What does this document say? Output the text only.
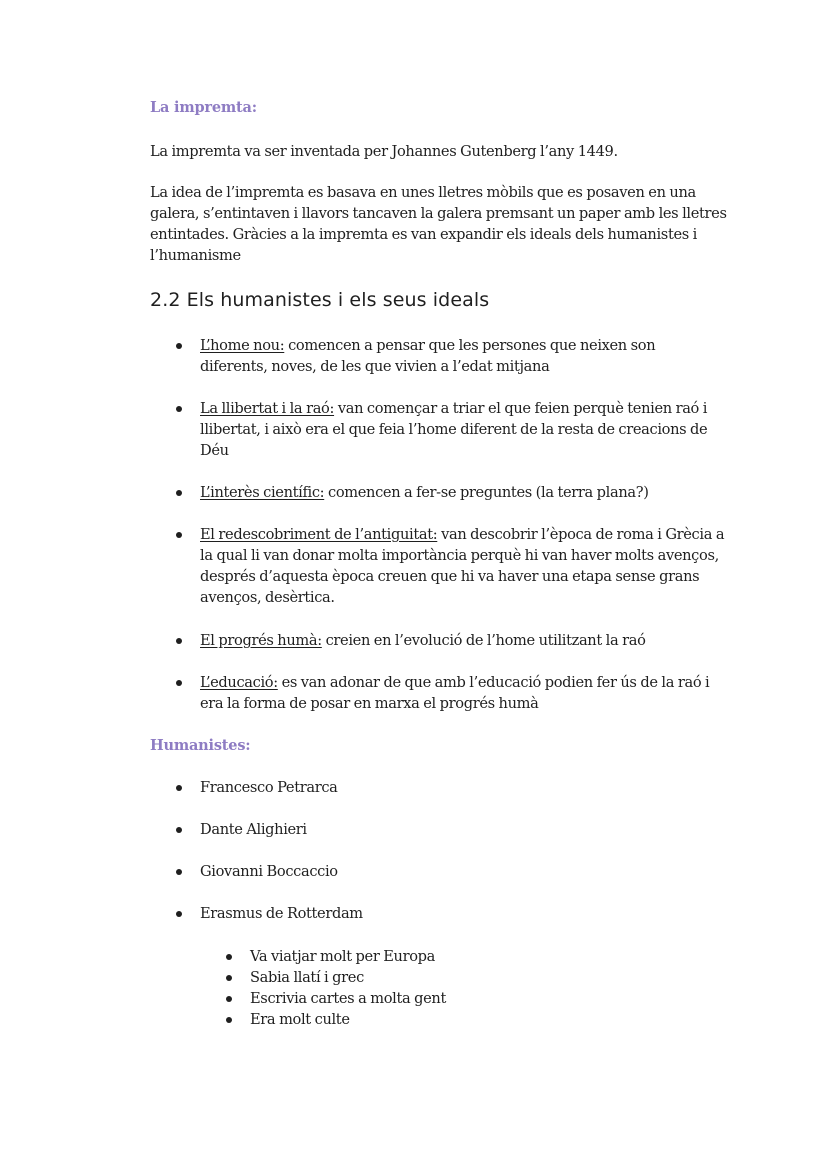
La impremta:
La impremta va ser inventada per Johannes Gutenberg l’any 1449.
La idea de l’impremta es basava en unes lletres mòbils que es posaven en una galera, s’entintaven i llavors tancaven la galera premsant un paper amb les lletres entintades. Gràcies a la impremta es van expandir els ideals dels humanistes i l’humanisme
2.2 Els humanistes i els seus ideals
L’home nou: comencen a pensar que les persones que neixen son diferents, noves, de les que vivien a l’edat mitjana
La llibertat i la raó: van començar a triar el que feien perquè tenien raó i llibertat, i això era el que feia l’home diferent de la resta de creacions de Déu
L’interès científic: comencen a fer-se preguntes (la terra plana?)
El redescobriment de l’antiguitat: van descobrir l’època de roma i Grècia a la qual li van donar molta importància perquè hi van haver molts avenços, després d’aquesta època creuen que hi va haver una etapa sense grans avenços, desèrtica.
El progrés humà: creien en l’evolució de l’home utilitzant la raó
L’educació: es van adonar de que amb l’educació podien fer ús de la raó i era la forma de posar en marxa el progrés humà
Humanistes:
Francesco Petrarca
Dante Alighieri
Giovanni Boccaccio
Erasmus de Rotterdam
Va viatjar molt per Europa
Sabia llatí i grec
Escrivia cartes a molta gent
Era molt culte
